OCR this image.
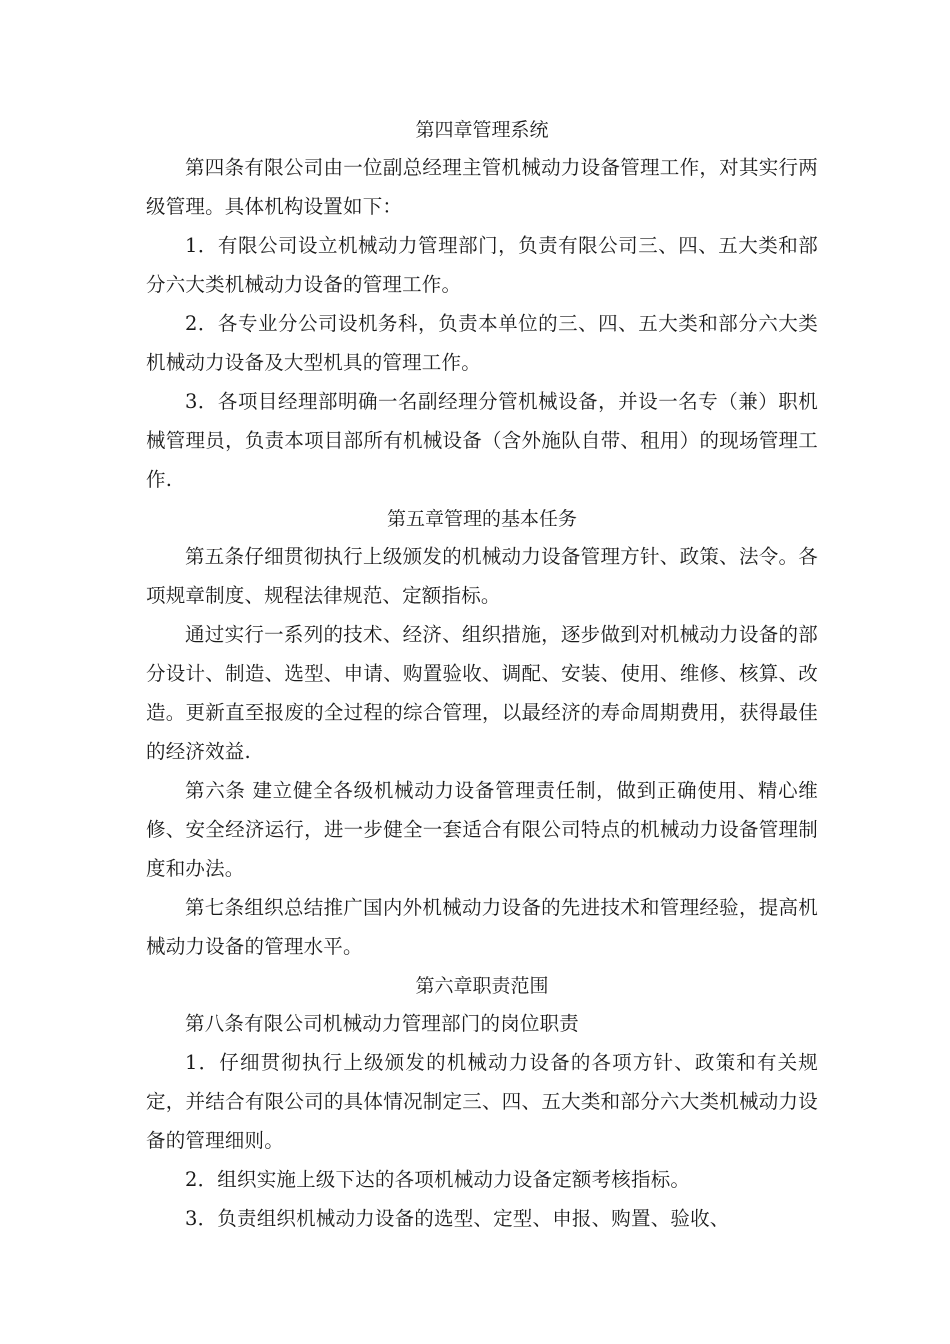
第四章管理系统

第四条有限公司由一位副总经理主管机械动力设备管理工作，对其实行两级管理。具体机构设置如下：

1．有限公司设立机械动力管理部门，负责有限公司三、四、五大类和部分六大类机械动力设备的管理工作。

2．各专业分公司设机务科，负责本单位的三、四、五大类和部分六大类机械动力设备及大型机具的管理工作。

3．各项目经理部明确一名副经理分管机械设备，并设一名专（兼）职机械管理员，负责本项目部所有机械设备（含外施队自带、租用）的现场管理工作.

第五章管理的基本任务

第五条仔细贯彻执行上级颁发的机械动力设备管理方针、政策、法令。各项规章制度、规程法律规范、定额指标。

通过实行一系列的技术、经济、组织措施，逐步做到对机械动力设备的部分设计、制造、选型、申请、购置验收、调配、安装、使用、维修、核算、改造。更新直至报废的全过程的综合管理，以最经济的寿命周期费用，获得最佳的经济效益.

第六条 建立健全各级机械动力设备管理责任制，做到正确使用、精心维修、安全经济运行，进一步健全一套适合有限公司特点的机械动力设备管理制度和办法。

第七条组织总结推广国内外机械动力设备的先进技术和管理经验，提高机械动力设备的管理水平。

第六章职责范围

第八条有限公司机械动力管理部门的岗位职责

1．仔细贯彻执行上级颁发的机械动力设备的各项方针、政策和有关规定，并结合有限公司的具体情况制定三、四、五大类和部分六大类机械动力设备的管理细则。

2．组织实施上级下达的各项机械动力设备定额考核指标。

3．负责组织机械动力设备的选型、定型、申报、购置、验收、
